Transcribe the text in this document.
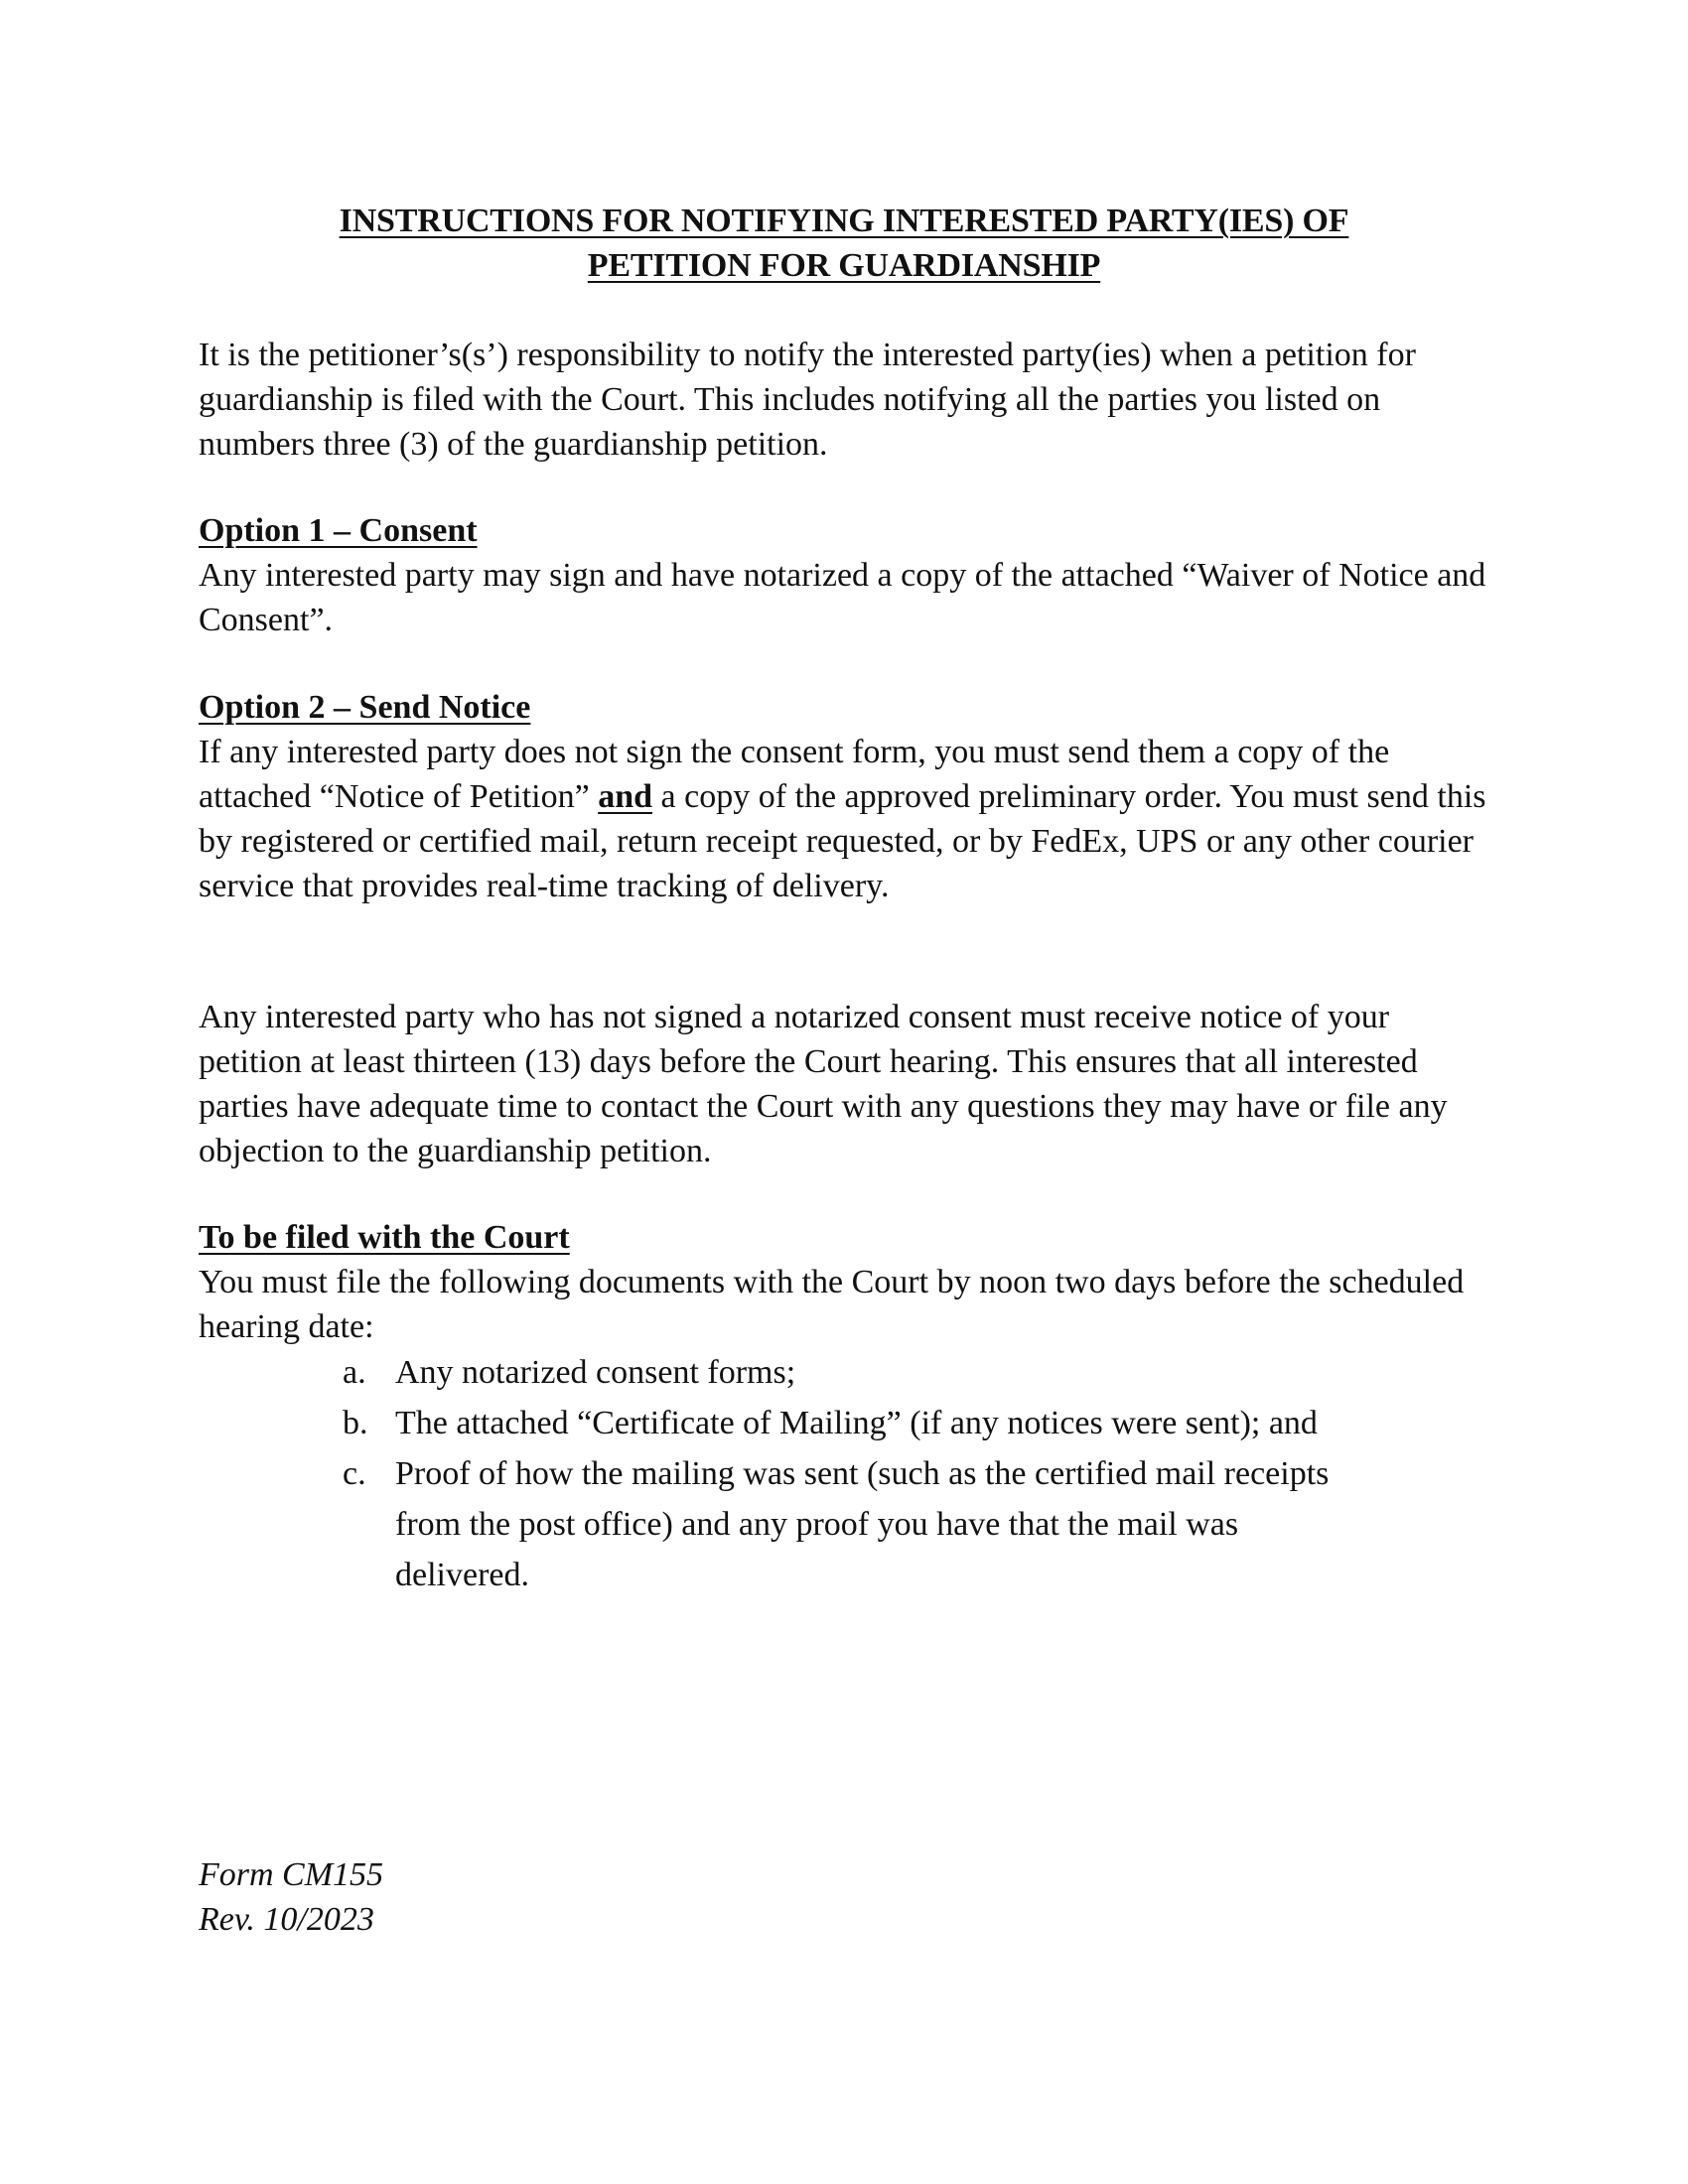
INSTRUCTIONS FOR NOTIFYING INTERESTED PARTY(IES) OF
PETITION FOR GUARDIANSHIP

It is the petitioner’s(s’) responsibility to notify the interested party(ies) when a petition for guardianship is filed with the Court. This includes notifying all the parties you listed on numbers three (3) of the guardianship petition.

Option 1 – Consent
Any interested party may sign and have notarized a copy of the attached “Waiver of Notice and Consent”.
Option 2 – Send Notice
If any interested party does not sign the consent form, you must send them a copy of the attached “Notice of Petition” and a copy of the approved preliminary order. You must send this by registered or certified mail, return receipt requested, or by FedEx, UPS or any other courier service that provides real-time tracking of delivery.

Any interested party who has not signed a notarized consent must receive notice of your petition at least thirteen (13) days before the Court hearing. This ensures that all interested parties have adequate time to contact the Court with any questions they may have or file any objection to the guardianship petition.

To be filed with the Court
You must file the following documents with the Court by noon two days before the scheduled hearing date:
a. Any notarized consent forms;
b. The attached “Certificate of Mailing” (if any notices were sent); and
c. Proof of how the mailing was sent (such as the certified mail receipts from the post office) and any proof you have that the mail was delivered.
Form CM155
Rev. 10/2023
